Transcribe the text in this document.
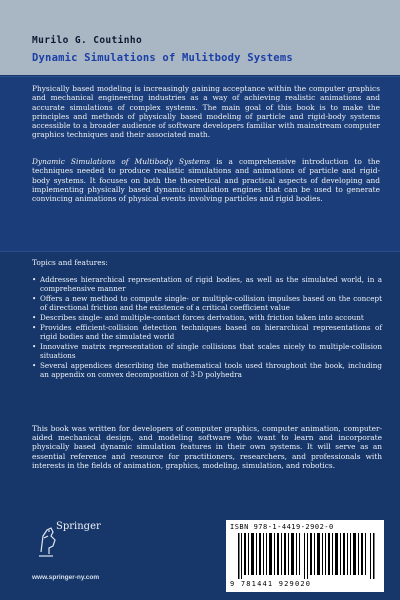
Murilo G. Coutinho
Dynamic Simulations of Mulitbody Systems

Physically based modeling is increasingly gaining acceptance within the computer graphics and mechanical engineering industries as a way of achieving realistic animations and accurate simulations of complex systems. The main goal of this book is to make the principles and methods of physically based modeling of particle and rigid-body systems accessible to a broader audience of software developers familiar with mainstream computer graphics techniques and their associated math.

Dynamic Simulations of Multibody Systems is a comprehensive introduction to the techniques needed to produce realistic simulations and animations of particle and rigid-body systems. It focuses on both the theoretical and practical aspects of developing and implementing physically based dynamic simulation engines that can be used to generate convincing animations of physical events involving particles and rigid bodies.

Topics and features:
• Addresses hierarchical representation of rigid bodies, as well as the simulated world, in a comprehensive manner
• Offers a new method to compute single- or multiple-collision impulses based on the concept of directional friction and the existence of a critical coefficient value
• Describes single- and multiple-contact forces derivation, with friction taken into account
• Provides efficient-collision detection techniques based on hierarchical representations of rigid bodies and the simulated world
• Innovative matrix representation of single collisions that scales nicely to multiple-collision situations
• Several appendices describing the mathematical tools used throughout the book, including an appendix on convex decomposition of 3-D polyhedra

This book was written for developers of computer graphics, computer animation, computer-aided mechanical design, and modeling software who want to learn and incorporate physically based dynamic simulation features in their own systems. It will serve as an essential reference and resource for practitioners, researchers, and professionals with interests in the fields of animation, graphics, modeling, simulation, and robotics.

Springer
www.springer-ny.com
ISBN 978-1-4419-2902-0
9 781441 929020
